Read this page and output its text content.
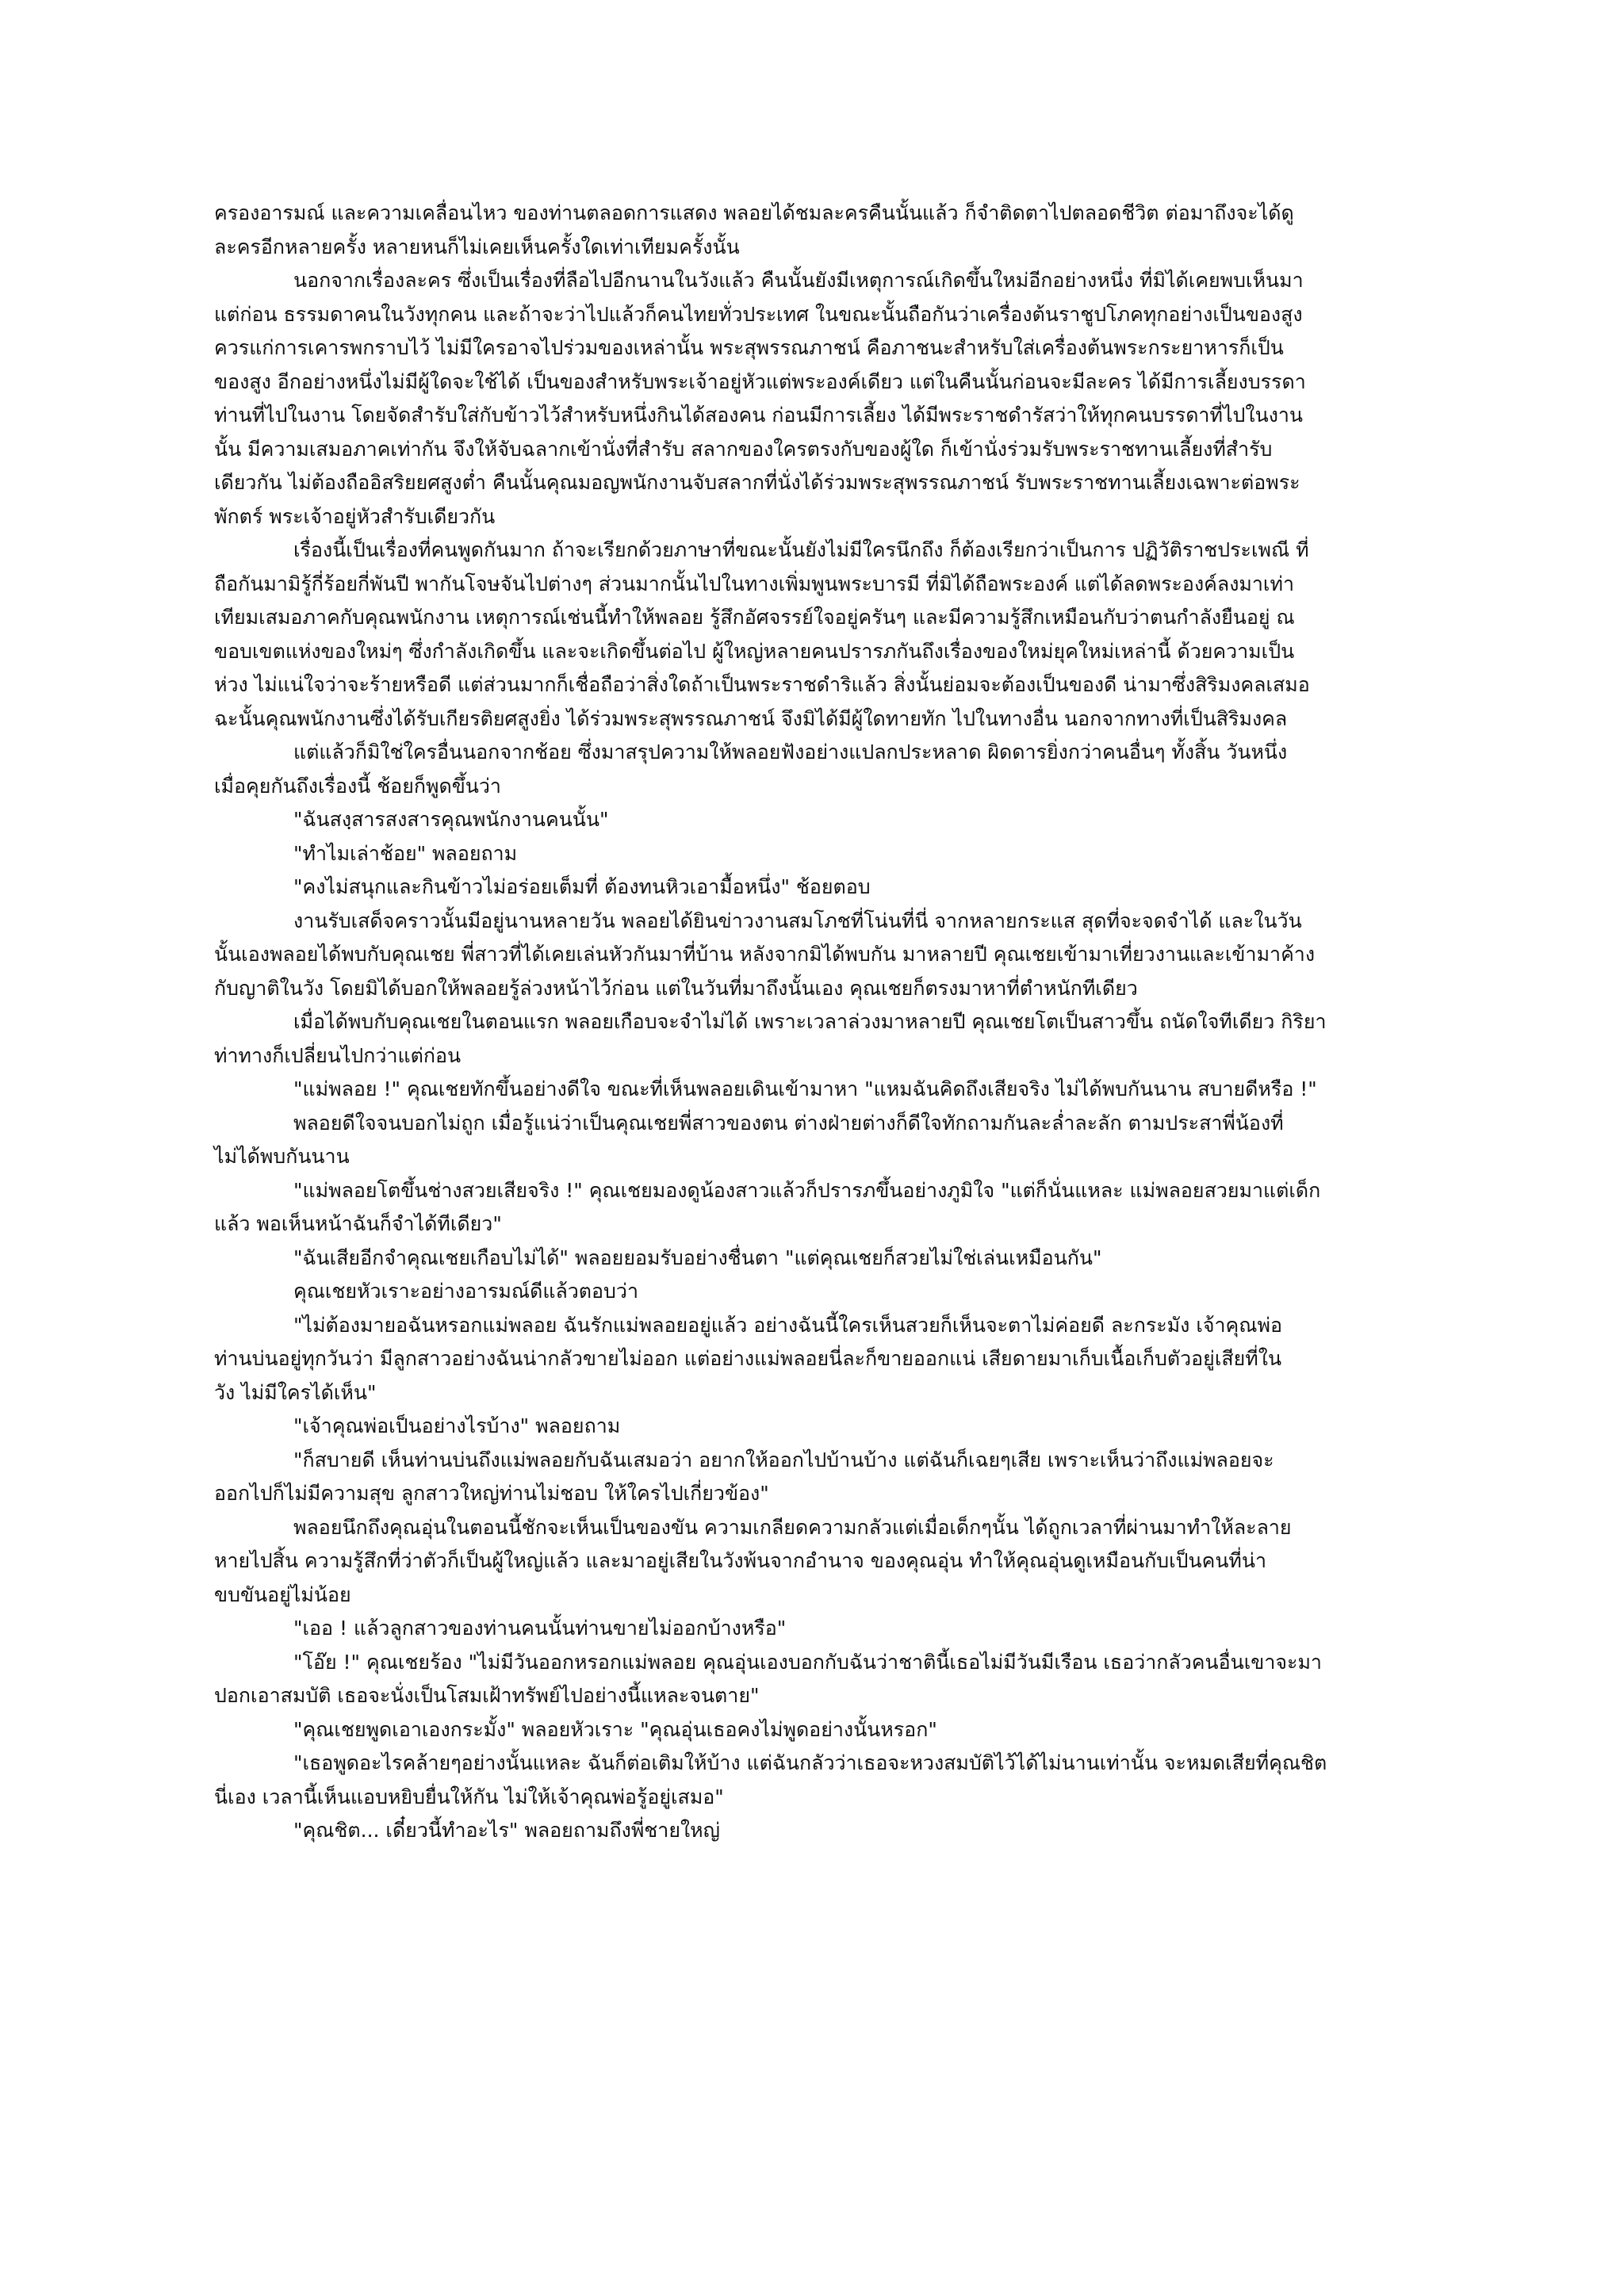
ครองอารมณ์ และความเคลื่อนไหว ของท่านตลอดการแสดง พลอยได้ชมละครคืนนั้นแล้ว ก็จำติดตาไปตลอดชีวิต ต่อมาถึงจะได้ดู
ละครอีกหลายครั้ง หลายหนก็ไม่เคยเห็นครั้งใดเท่าเทียมครั้งนั้น

นอกจากเรื่องละคร ซึ่งเป็นเรื่องที่ลือไปอีกนานในวังแล้ว คืนนั้นยังมีเหตุการณ์เกิดขึ้นใหม่อีกอย่างหนึ่ง ที่มิได้เคยพบเห็นมา
แต่ก่อน ธรรมดาคนในวังทุกคน และถ้าจะว่าไปแล้วก็คนไทยทั่วประเทศ ในขณะนั้นถือกันว่าเครื่องต้นราชูปโภคทุกอย่างเป็นของสูง
ควรแก่การเคารพกราบไว้ ไม่มีใครอาจไปร่วมของเหล่านั้น พระสุพรรณภาชน์ คือภาชนะสำหรับใส่เครื่องต้นพระกระยาหารก็เป็น
ของสูง อีกอย่างหนึ่งไม่มีผู้ใดจะใช้ได้ เป็นของสำหรับพระเจ้าอยู่หัวแต่พระองค์เดียว แต่ในคืนนั้นก่อนจะมีละคร ได้มีการเลี้ยงบรรดา
ท่านที่ไปในงาน โดยจัดสำรับใส่กับข้าวไว้สำหรับหนึ่งกินได้สองคน ก่อนมีการเลี้ยง ได้มีพระราชดำรัสว่าให้ทุกคนบรรดาที่ไปในงาน
นั้น มีความเสมอภาคเท่ากัน จึงให้จับฉลากเข้านั่งที่สำรับ สลากของใครตรงกับของผู้ใด ก็เข้านั่งร่วมรับพระราชทานเลี้ยงที่สำรับ
เดียวกัน ไม่ต้องถืออิสริยยศสูงต่ำ คืนนั้นคุณมอญพนักงานจับสลากที่นั่งได้ร่วมพระสุพรรณภาชน์ รับพระราชทานเลี้ยงเฉพาะต่อพระ
พักตร์ พระเจ้าอยู่หัวสำรับเดียวกัน

เรื่องนี้เป็นเรื่องที่คนพูดกันมาก ถ้าจะเรียกด้วยภาษาที่ขณะนั้นยังไม่มีใครนึกถึง ก็ต้องเรียกว่าเป็นการ ปฏิวัติราชประเพณี ที่
ถือกันมามิรู้กี่ร้อยกี่พันปี พากันโจษจันไปต่างๆ ส่วนมากนั้นไปในทางเพิ่มพูนพระบารมี ที่มิได้ถือพระองค์ แต่ได้ลดพระองค์ลงมาเท่า
เทียมเสมอภาคกับคุณพนักงาน เหตุการณ์เช่นนี้ทำให้พลอย รู้สึกอัศจรรย์ใจอยู่ครันๆ และมีความรู้สึกเหมือนกับว่าตนกำลังยืนอยู่ ณ
ขอบเขตแห่งของใหม่ๆ ซึ่งกำลังเกิดขึ้น และจะเกิดขึ้นต่อไป ผู้ใหญ่หลายคนปรารภกันถึงเรื่องของใหม่ยุคใหม่เหล่านี้ ด้วยความเป็น
ห่วง ไม่แน่ใจว่าจะร้ายหรือดี แต่ส่วนมากก็เชื่อถือว่าสิ่งใดถ้าเป็นพระราชดำริแล้ว สิ่งนั้นย่อมจะต้องเป็นของดี น่ามาซึ่งสิริมงคลเสมอ
ฉะนั้นคุณพนักงานซึ่งได้รับเกียรติยศสูงยิ่ง ได้ร่วมพระสุพรรณภาชน์ จึงมิได้มีผู้ใดทายทัก ไปในทางอื่น นอกจากทางที่เป็นสิริมงคล

แต่แล้วก็มิใช่ใครอื่นนอกจากช้อย ซึ่งมาสรุปความให้พลอยฟังอย่างแปลกประหลาด ผิดดารยิ่งกว่าคนอื่นๆ ทั้งสิ้น วันหนึ่ง
เมื่อคุยกันถึงเรื่องนี้ ช้อยก็พูดขึ้นว่า

"ฉันสงฺสารสงสารคุณพนักงานคนนั้น"

"ทำไมเล่าช้อย" พลอยถาม

"คงไม่สนุกและกินข้าวไม่อร่อยเต็มที่ ต้องทนหิวเอามื้อหนึ่ง" ช้อยตอบ

งานรับเสด็จคราวนั้นมีอยู่นานหลายวัน พลอยได้ยินข่าวงานสมโภชที่โน่นที่นี่ จากหลายกระแส สุดที่จะจดจำได้ และในวัน
นั้นเองพลอยได้พบกับคุณเชย พี่สาวที่ได้เคยเล่นหัวกันมาที่บ้าน หลังจากมิได้พบกัน มาหลายปี คุณเชยเข้ามาเที่ยวงานและเข้ามาค้าง
กับญาติในวัง โดยมิได้บอกให้พลอยรู้ล่วงหน้าไว้ก่อน แต่ในวันที่มาถึงนั้นเอง คุณเชยก็ตรงมาหาที่ตำหนักทีเดียว

เมื่อได้พบกับคุณเชยในตอนแรก พลอยเกือบจะจำไม่ได้ เพราะเวลาล่วงมาหลายปี คุณเชยโตเป็นสาวขึ้น ถนัดใจทีเดียว กิริยา
ท่าทางก็เปลี่ยนไปกว่าแต่ก่อน

"แม่พลอย !" คุณเชยทักขึ้นอย่างดีใจ ขณะที่เห็นพลอยเดินเข้ามาหา "แหมฉันคิดถึงเสียจริง ไม่ได้พบกันนาน สบายดีหรือ !"

พลอยดีใจจนบอกไม่ถูก เมื่อรู้แน่ว่าเป็นคุณเชยพี่สาวของตน ต่างฝ่ายต่างก็ดีใจทักถามกันละล่ำละลัก ตามประสาพี่น้องที่
ไม่ได้พบกันนาน

"แม่พลอยโตขึ้นช่างสวยเสียจริง !" คุณเชยมองดูน้องสาวแล้วก็ปรารภขึ้นอย่างภูมิใจ "แต่ก็นั่นแหละ แม่พลอยสวยมาแต่เด็ก
แล้ว พอเห็นหน้าฉันก็จำได้ทีเดียว"

"ฉันเสียอีกจำคุณเชยเกือบไม่ได้" พลอยยอมรับอย่างชื่นตา "แต่คุณเชยก็สวยไม่ใช่เล่นเหมือนกัน"

คุณเชยหัวเราะอย่างอารมณ์ดีแล้วตอบว่า

"ไม่ต้องมายอฉันหรอกแม่พลอย ฉันรักแม่พลอยอยู่แล้ว อย่างฉันนี้ใครเห็นสวยก็เห็นจะตาไม่ค่อยดี ละกระมัง เจ้าคุณพ่อ
ท่านบ่นอยู่ทุกวันว่า มีลูกสาวอย่างฉันน่ากลัวขายไม่ออก แต่อย่างแม่พลอยนี่ละก็ขายออกแน่ เสียดายมาเก็บเนื้อเก็บตัวอยู่เสียที่ใน
วัง ไม่มีใครได้เห็น"

"เจ้าคุณพ่อเป็นอย่างไรบ้าง" พลอยถาม

"ก็สบายดี เห็นท่านบ่นถึงแม่พลอยกับฉันเสมอว่า อยากให้ออกไปบ้านบ้าง แต่ฉันก็เฉยๆเสีย เพราะเห็นว่าถึงแม่พลอยจะ
ออกไปก็ไม่มีความสุข ลูกสาวใหญ่ท่านไม่ชอบ ให้ใครไปเกี่ยวข้อง"

พลอยนึกถึงคุณอุ่นในตอนนี้ชักจะเห็นเป็นของขัน ความเกลียดความกลัวแต่เมื่อเด็กๆนั้น ได้ถูกเวลาที่ผ่านมาทำให้ละลาย
หายไปสิ้น ความรู้สึกที่ว่าตัวก็เป็นผู้ใหญ่แล้ว และมาอยู่เสียในวังพ้นจากอำนาจ ของคุณอุ่น ทำให้คุณอุ่นดูเหมือนกับเป็นคนที่น่า
ขบขันอยู่ไม่น้อย

"เออ ! แล้วลูกสาวของท่านคนนั้นท่านขายไม่ออกบ้างหรือ"

"โอ๊ย !" คุณเชยร้อง "ไม่มีวันออกหรอกแม่พลอย คุณอุ่นเองบอกกับฉันว่าชาตินี้เธอไม่มีวันมีเรือน เธอว่ากลัวคนอื่นเขาจะมา
ปอกเอาสมบัติ เธอจะนั่งเป็นโสมเฝ้าทรัพย์ไปอย่างนี้แหละจนตาย"

"คุณเชยพูดเอาเองกระมั้ง" พลอยหัวเราะ "คุณอุ่นเธอคงไม่พูดอย่างนั้นหรอก"

"เธอพูดอะไรคล้ายๆอย่างนั้นแหละ ฉันก็ต่อเติมให้บ้าง แต่ฉันกลัวว่าเธอจะหวงสมบัติไว้ได้ไม่นานเท่านั้น จะหมดเสียที่คุณชิต
นี่เอง เวลานี้เห็นแอบหยิบยื่นให้กัน ไม่ให้เจ้าคุณพ่อรู้อยู่เสมอ"

"คุณชิต... เดี๋ยวนี้ทำอะไร" พลอยถามถึงพี่ชายใหญ่
